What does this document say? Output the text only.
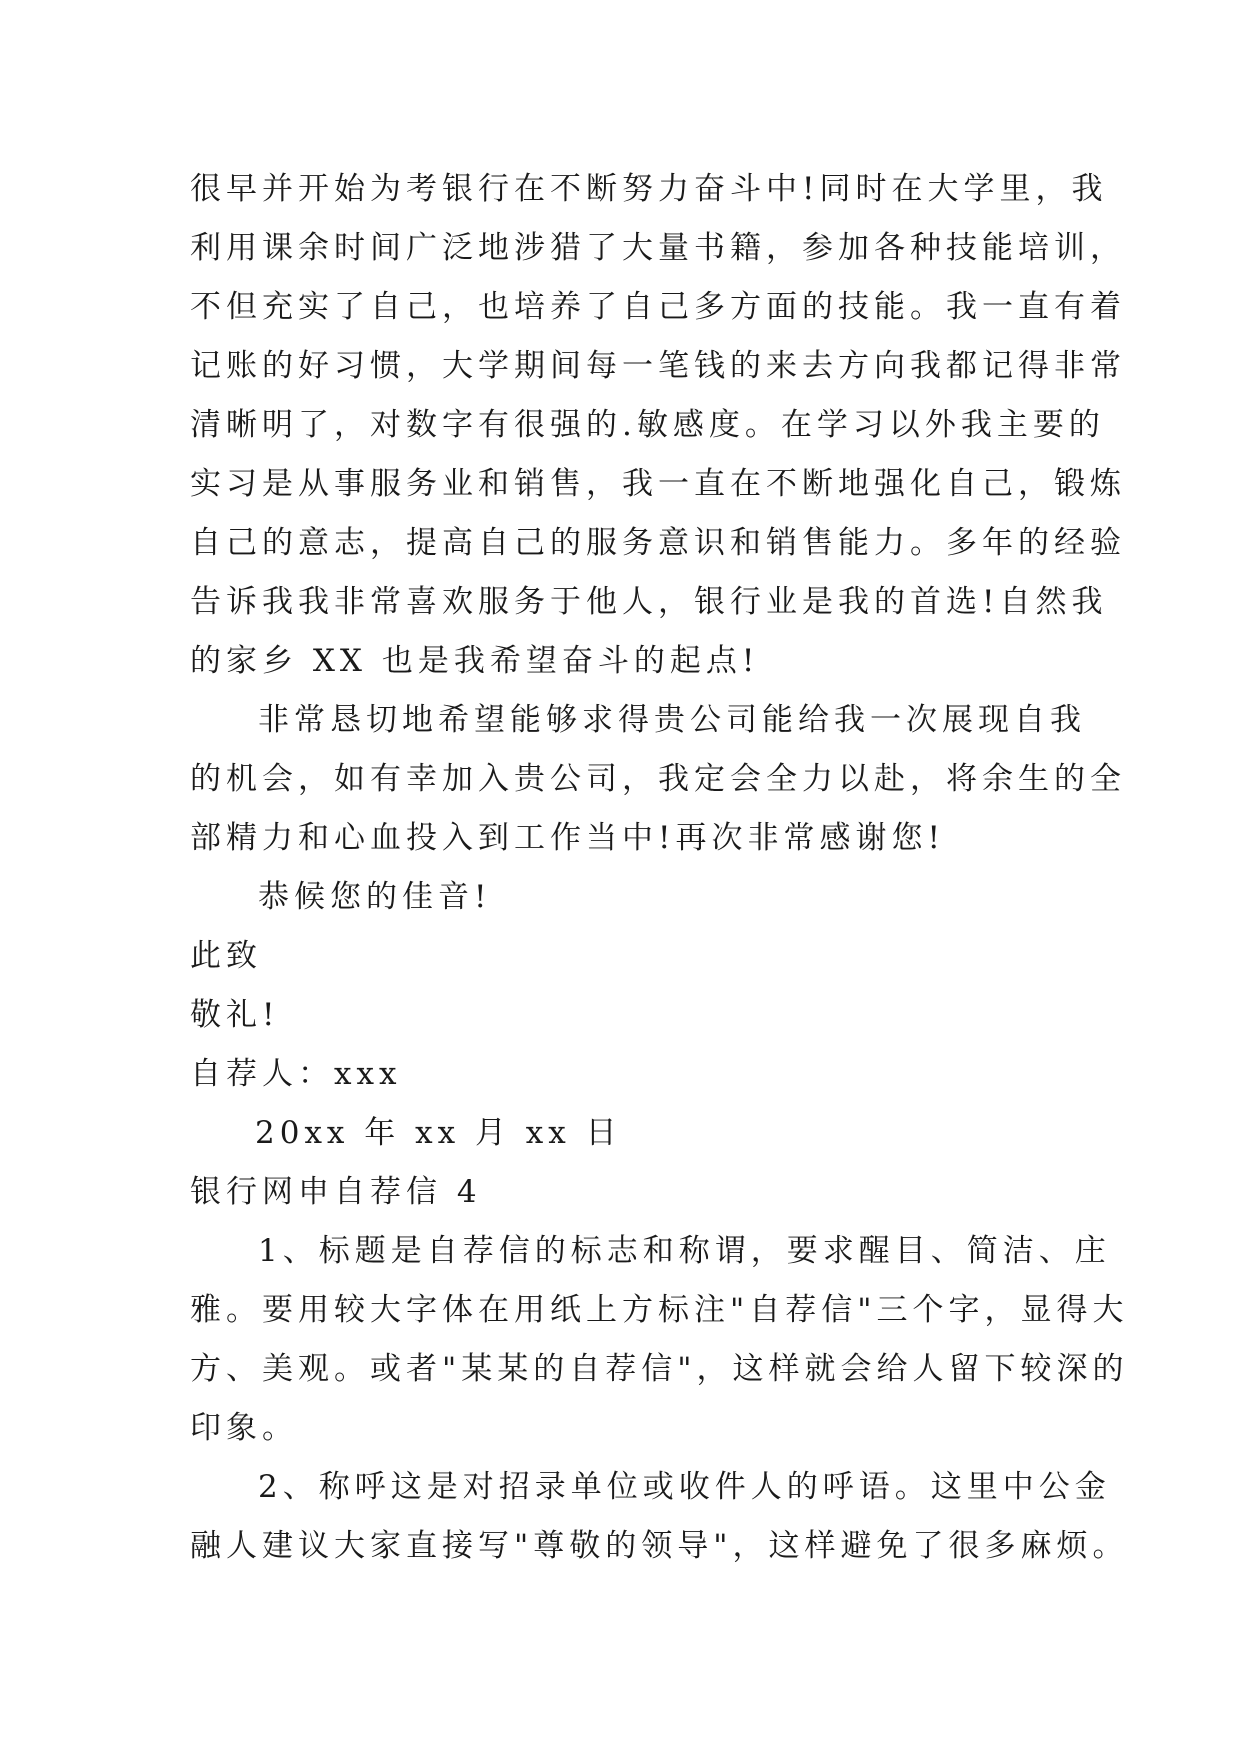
很早并开始为考银行在不断努力奋斗中!同时在大学里，我

利用课余时间广泛地涉猎了大量书籍，参加各种技能培训，

不但充实了自己，也培养了自己多方面的技能。我一直有着

记账的好习惯，大学期间每一笔钱的来去方向我都记得非常

清晰明了，对数字有很强的.敏感度。在学习以外我主要的

实习是从事服务业和销售，我一直在不断地强化自己，锻炼

自己的意志，提高自己的服务意识和销售能力。多年的经验

告诉我我非常喜欢服务于他人，银行业是我的首选!自然我

的家乡 XX 也是我希望奋斗的起点!

非常恳切地希望能够求得贵公司能给我一次展现自我

的机会，如有幸加入贵公司，我定会全力以赴，将余生的全

部精力和心血投入到工作当中!再次非常感谢您!

恭候您的佳音!

此致

敬礼!

自荐人：xxx

20xx 年 xx 月 xx 日

银行网申自荐信 4

1、标题是自荐信的标志和称谓，要求醒目、简洁、庄

雅。要用较大字体在用纸上方标注"自荐信"三个字，显得大

方、美观。或者"某某的自荐信"，这样就会给人留下较深的

印象。

2、称呼这是对招录单位或收件人的呼语。这里中公金

融人建议大家直接写"尊敬的领导"，这样避免了很多麻烦。
